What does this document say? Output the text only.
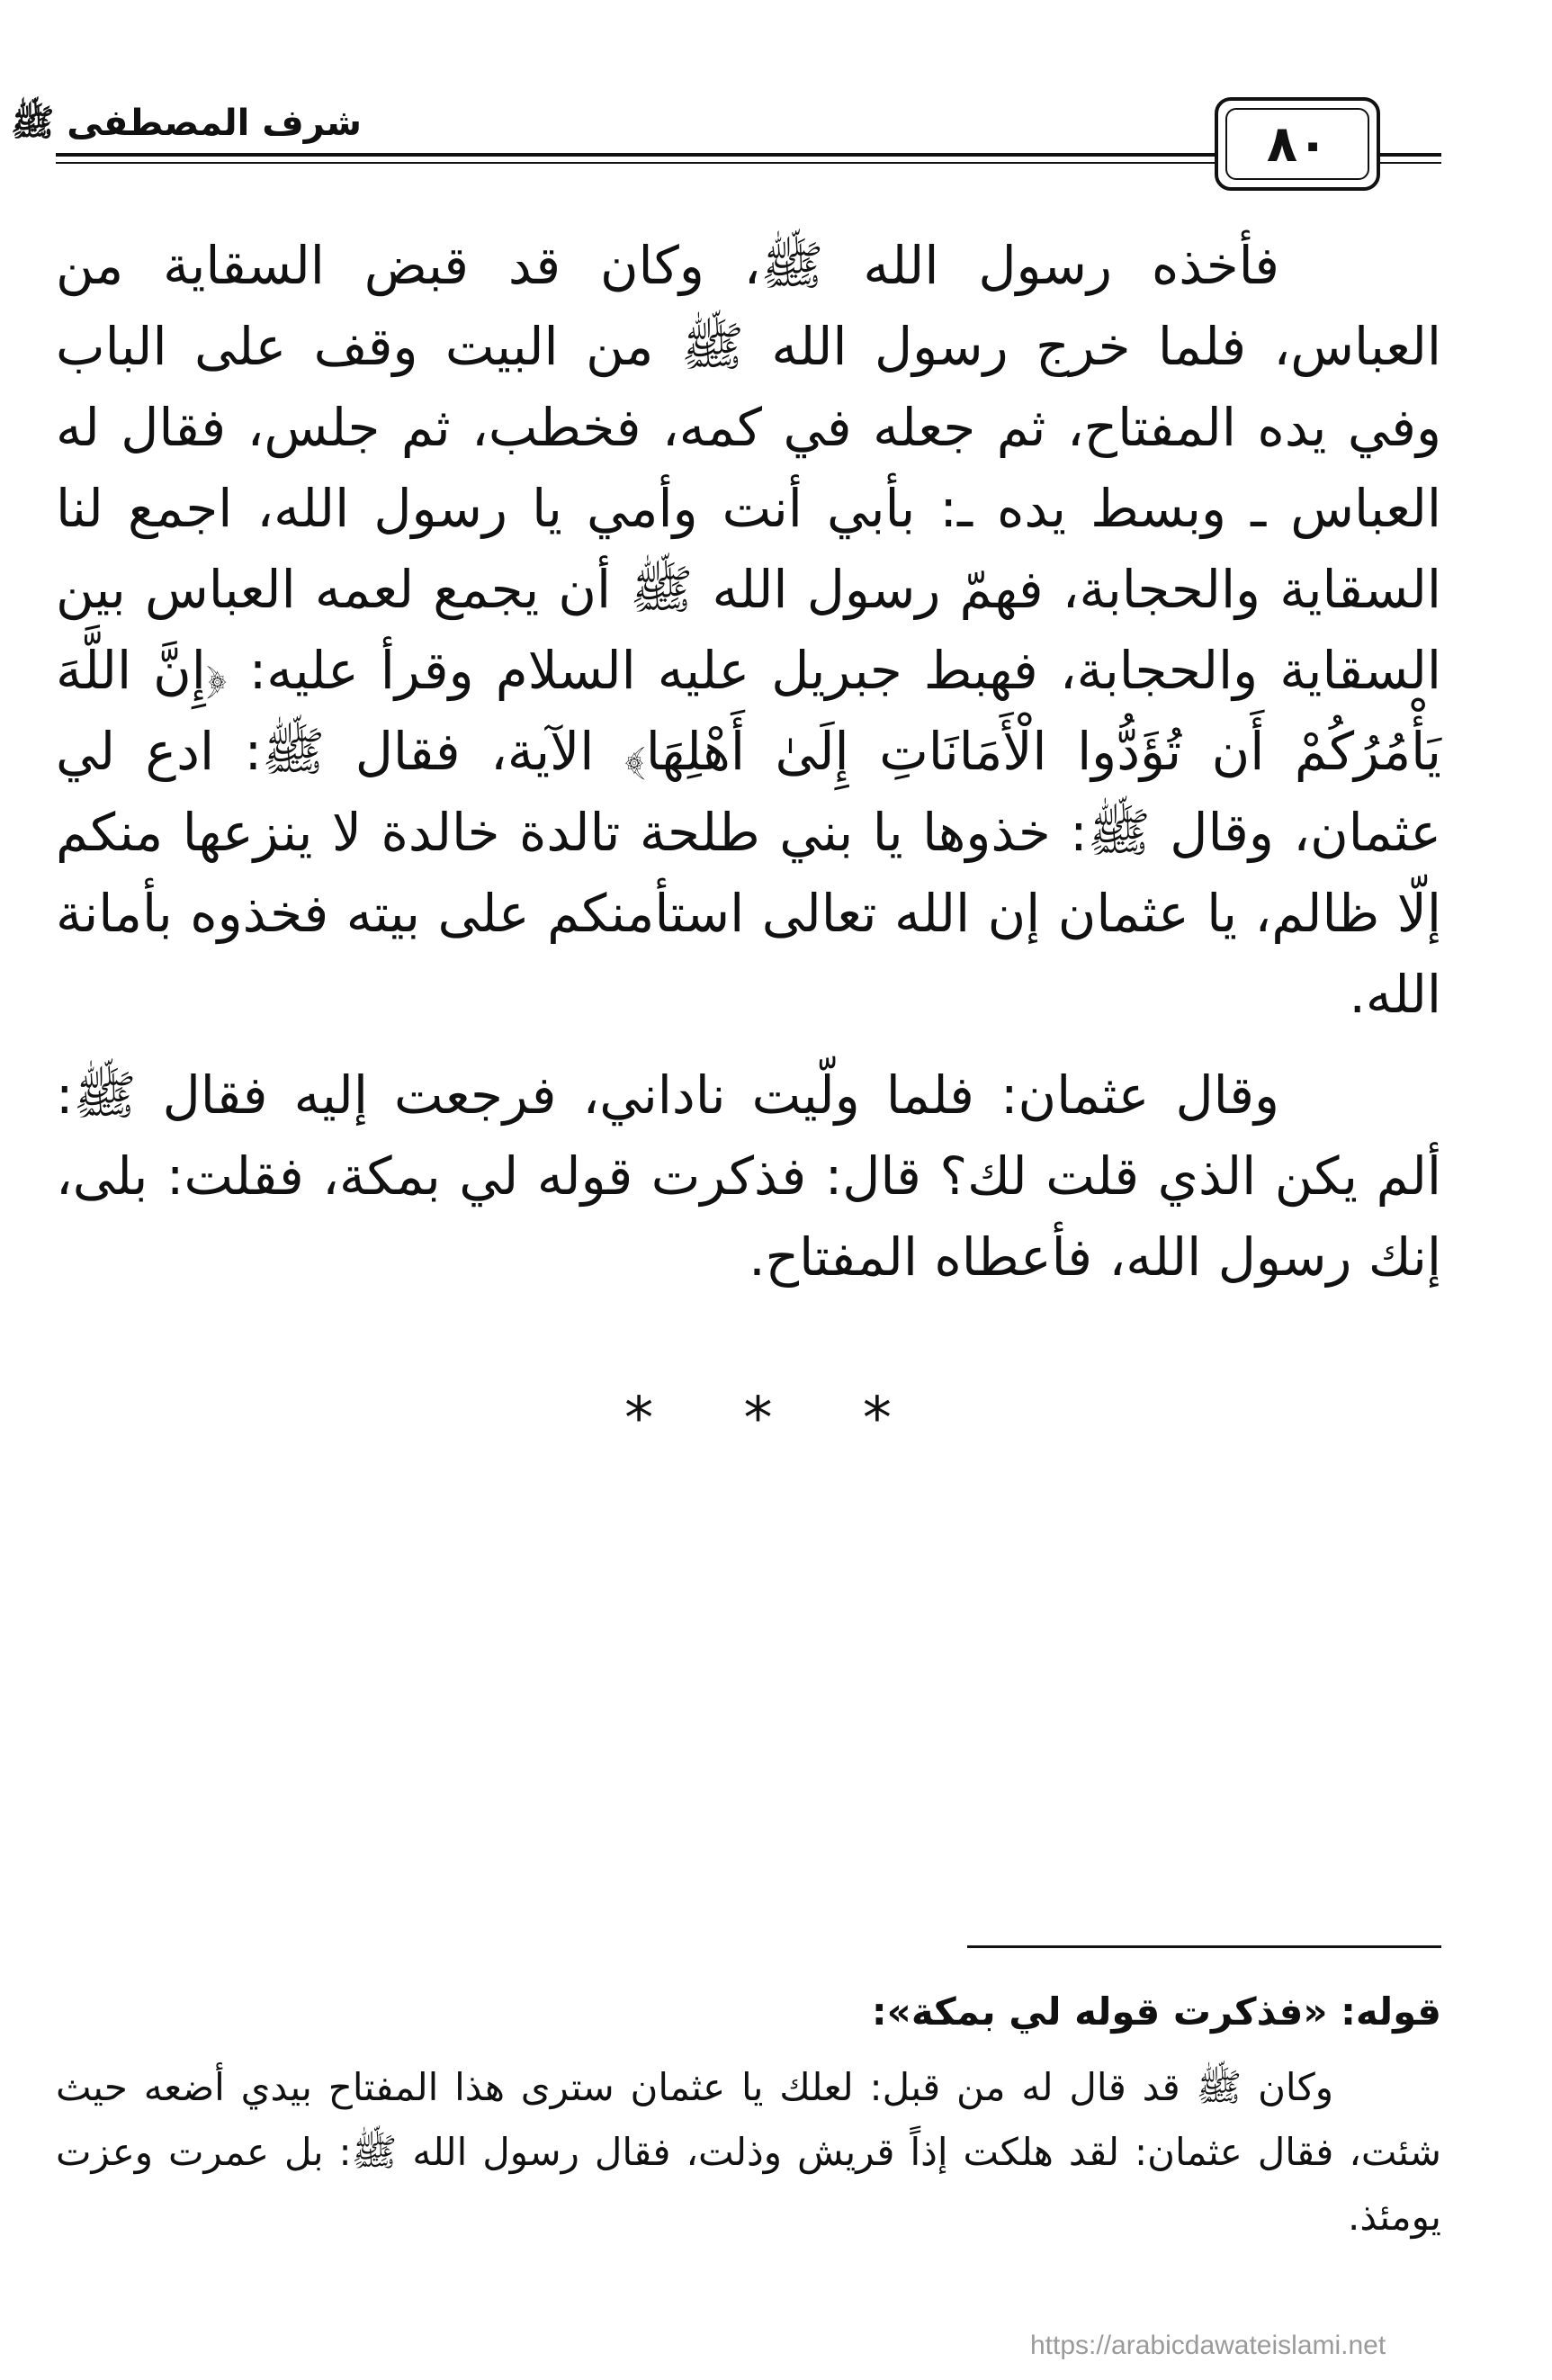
شرف المصطفى ﷺ	٨٠

فأخذه رسول الله ﷺ، وكان قد قبض السقاية من العباس، فلما خرج رسول الله ﷺ من البيت وقف على الباب وفي يده المفتاح، ثم جعله في كمه، فخطب، ثم جلس، فقال له العباس ـ وبسط يده ـ: بأبي أنت وأمي يا رسول الله، اجمع لنا السقاية والحجابة، فهمّ رسول الله ﷺ أن يجمع لعمه العباس بين السقاية والحجابة، فهبط جبريل عليه السلام وقرأ عليه: ﴿إِنَّ اللَّهَ يَأْمُرُكُمْ أَن تُؤَدُّوا الْأَمَانَاتِ إِلَىٰ أَهْلِهَا﴾ الآية، فقال ﷺ: ادع لي عثمان، وقال ﷺ: خذوها يا بني طلحة تالدة خالدة لا ينزعها منكم إلّا ظالم، يا عثمان إن الله تعالى استأمنكم على بيته فخذوه بأمانة الله.

وقال عثمان: فلما ولّيت ناداني، فرجعت إليه فقال ﷺ: ألم يكن الذي قلت لك؟ قال: فذكرت قوله لي بمكة، فقلت: بلى، إنك رسول الله، فأعطاه المفتاح.

* * *

قوله: «فذكرت قوله لي بمكة»:

وكان ﷺ قد قال له من قبل: لعلك يا عثمان سترى هذا المفتاح بيدي أضعه حيث شئت، فقال عثمان: لقد هلكت إذاً قريش وذلت، فقال رسول الله ﷺ: بل عمرت وعزت يومئذ.

https://arabicdawateislami.net
